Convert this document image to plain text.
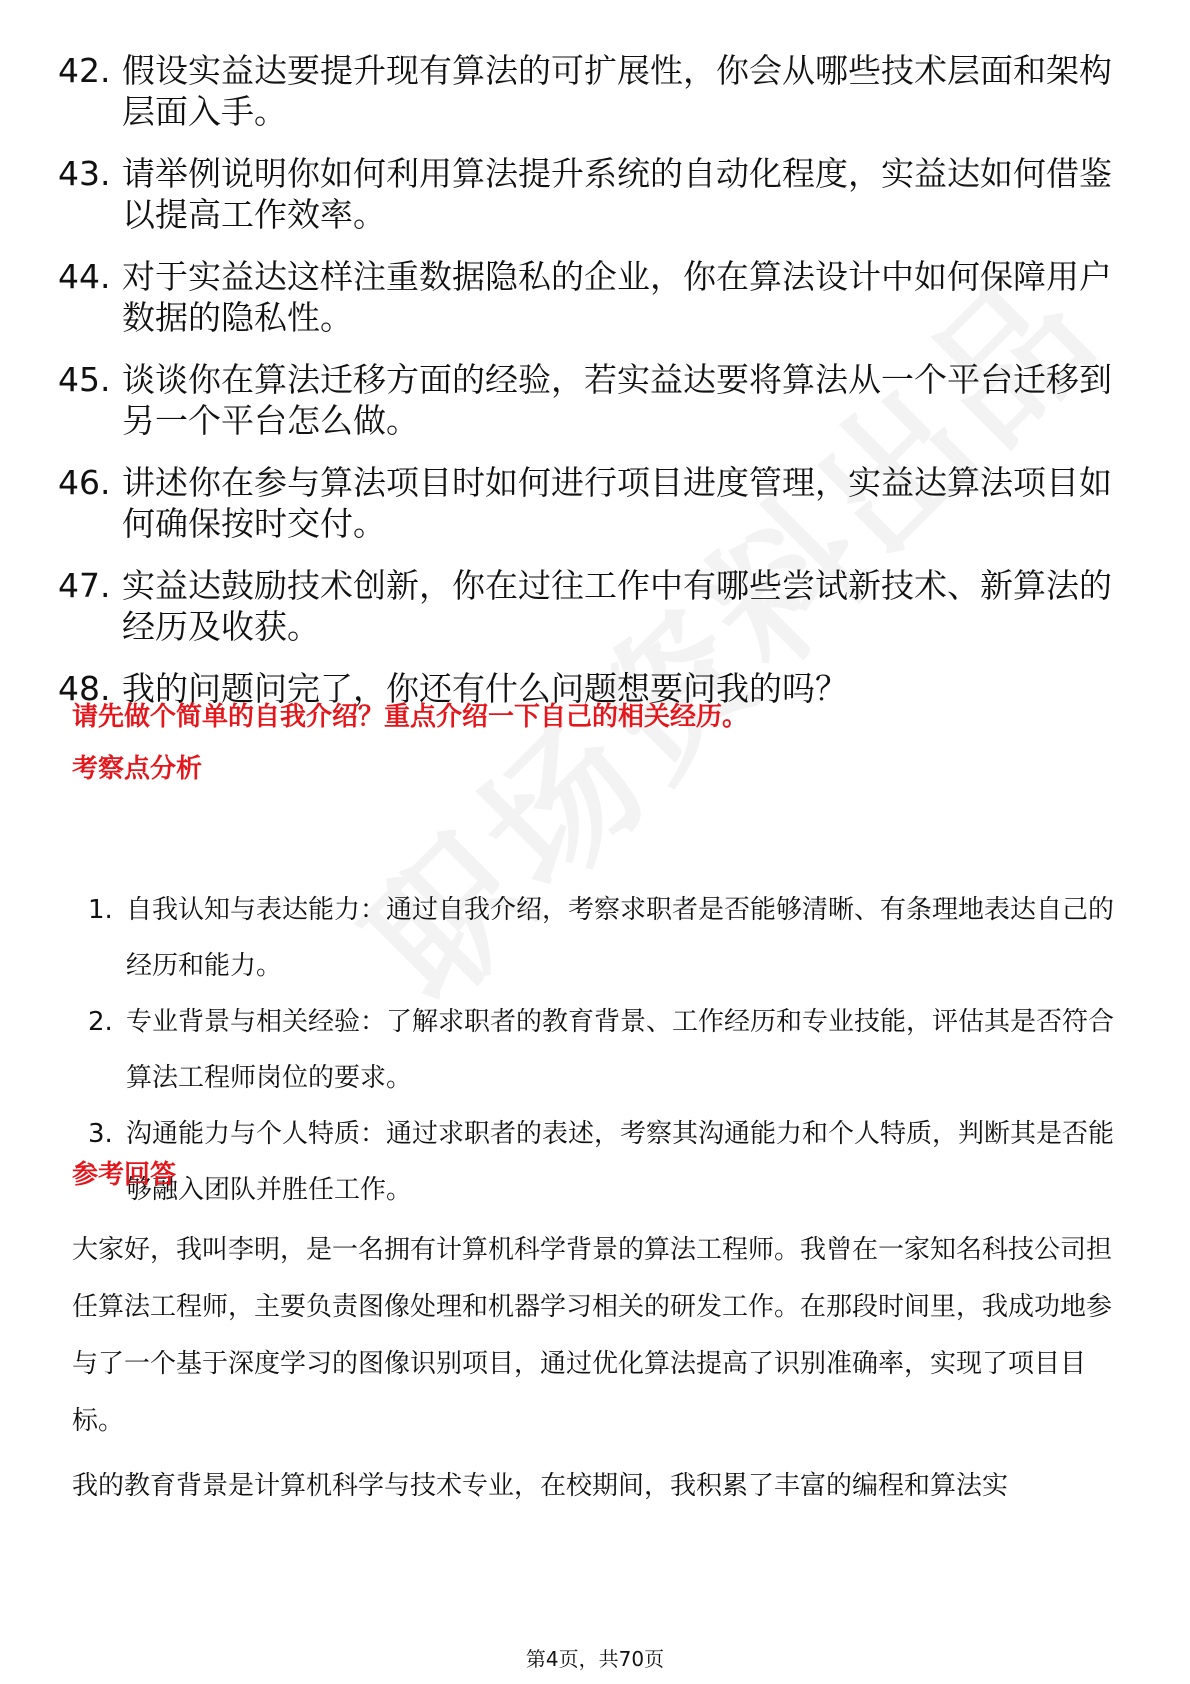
42. 假设实益达要提升现有算法的可扩展性，你会从哪些技术层面和架构层面入手。
43. 请举例说明你如何利用算法提升系统的自动化程度，实益达如何借鉴以提高工作效率。
44. 对于实益达这样注重数据隐私的企业，你在算法设计中如何保障用户数据的隐私性。
45. 谈谈你在算法迁移方面的经验，若实益达要将算法从一个平台迁移到另一个平台怎么做。
46. 讲述你在参与算法项目时如何进行项目进度管理，实益达算法项目如何确保按时交付。
47. 实益达鼓励技术创新，你在过往工作中有哪些尝试新技术、新算法的经历及收获。
48. 我的问题问完了，你还有什么问题想要问我的吗？
请先做个简单的自我介绍？重点介绍一下自己的相关经历。
考察点分析
1. 自我认知与表达能力：通过自我介绍，考察求职者是否能够清晰、有条理地表达自己的经历和能力。
2. 专业背景与相关经验：了解求职者的教育背景、工作经历和专业技能，评估其是否符合算法工程师岗位的要求。
3. 沟通能力与个人特质：通过求职者的表述，考察其沟通能力和个人特质，判断其是否能够融入团队并胜任工作。
参考回答
大家好，我叫李明，是一名拥有计算机科学背景的算法工程师。我曾在一家知名科技公司担任算法工程师，主要负责图像处理和机器学习相关的研发工作。在那段时间里，我成功地参与了一个基于深度学习的图像识别项目，通过优化算法提高了识别准确率，实现了项目目标。
我的教育背景是计算机科学与技术专业，在校期间，我积累了丰富的编程和算法实
第4页，共70页
